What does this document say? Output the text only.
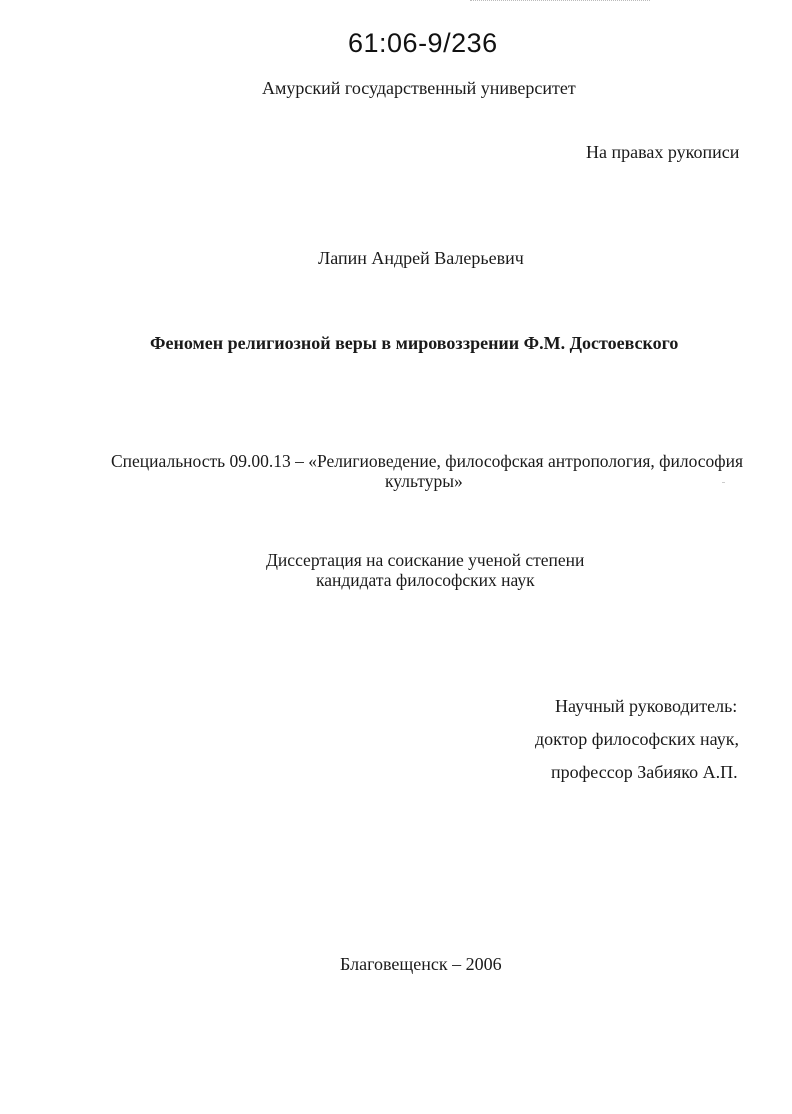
61:06-9/236
Амурский государственный университет
На правах рукописи
Лапин Андрей Валерьевич
Феномен религиозной веры в мировоззрении Ф.М. Достоевского
Специальность 09.00.13 – «Религиоведение, философская антропология, философия
культуры»
Диссертация на соискание ученой степени
кандидата философских наук
Научный руководитель:
доктор философских наук,
профессор Забияко А.П.
Благовещенск – 2006
